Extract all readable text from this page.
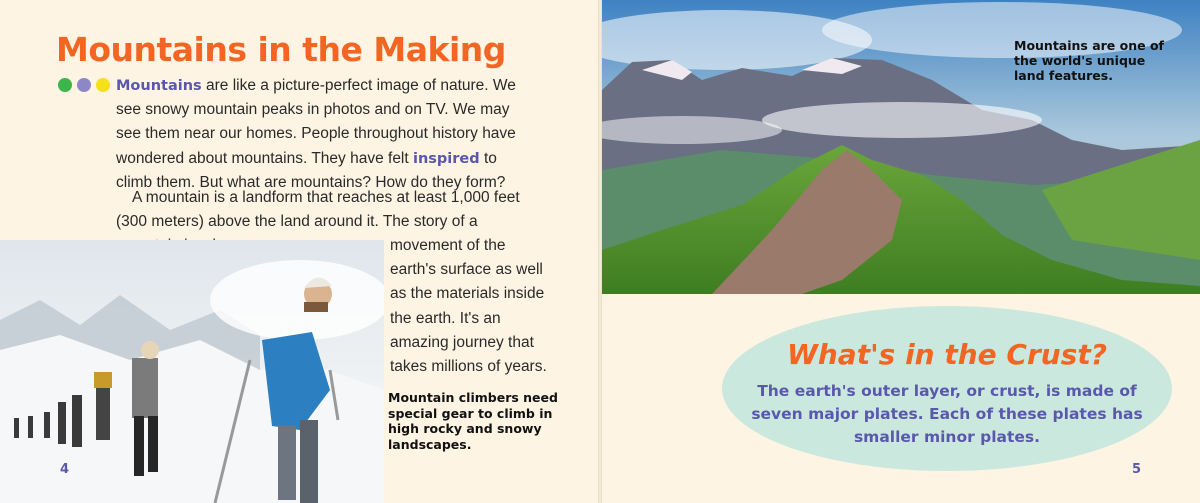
Mountains in the Making

Mountains are like a picture-perfect image of nature. We see snowy mountain peaks in photos and on TV. We may see them near our homes. People throughout history have wondered about mountains. They have felt inspired to climb them. But what are mountains? How do they form?

A mountain is a landform that reaches at least 1,000 feet (300 meters) above the land around it. The story of a

movement of the earth's surface as well as the materials inside the earth. It's an amazing journey that takes millions of years.

Mountain climbers need special gear to climb in high rocky and snowy landscapes.

4

Mountains are one of the world's unique land features.

What's in the Crust?

The earth's outer layer, or crust, is made of seven major plates. Each of these plates has smaller minor plates.

5
